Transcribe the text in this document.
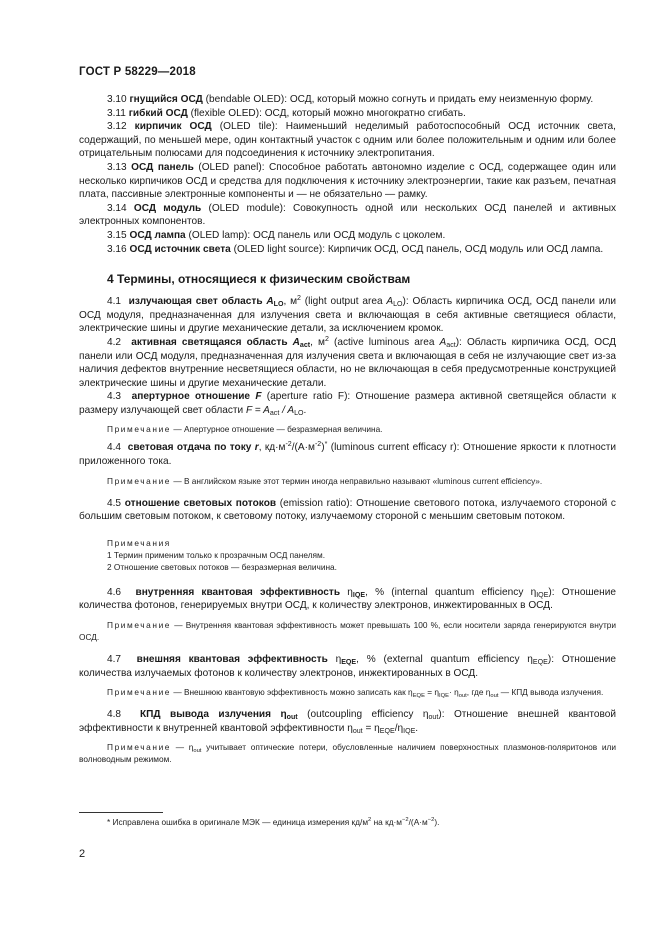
ГОСТ Р 58229—2018

3.10 гнущийся ОСД (bendable OLED): ОСД, который можно согнуть и придать ему неизменную форму.

3.11 гибкий ОСД (flexible OLED): ОСД, который можно многократно сгибать.

3.12 кирпичик ОСД (OLED tile): Наименьший неделимый работоспособный ОСД источник света, содержащий, по меньшей мере, один контактный участок с одним или более положительным и одним или более отрицательным полюсами для подсоединения к источнику электропитания.

3.13 ОСД панель (OLED panel): Способное работать автономно изделие с ОСД, содержащее один или несколько кирпичиков ОСД и средства для подключения к источнику электроэнергии, такие как разъем, печатная плата, пассивные электронные компоненты и — не обязательно — рамку.

3.14 ОСД модуль (OLED module): Совокупность одной или нескольких ОСД панелей и активных электронных компонентов.

3.15 ОСД лампа (OLED lamp): ОСД панель или ОСД модуль с цоколем.

3.16 ОСД источник света (OLED light source): Кирпичик ОСД, ОСД панель, ОСД модуль или ОСД лампа.

4 Термины, относящиеся к физическим свойствам

4.1 излучающая свет область $A_{LO}$, $м^2$ (light output area $A_{LO}$): Область кирпичика ОСД, ОСД панели или ОСД модуля, предназначенная для излучения света и включающая в себя активные светящиеся области, электрические шины и другие механические детали, за исключением кромок.

4.2 активная светящаяся область $A_{act}$, $м^2$ (active luminous area $A_{act}$): Область кирпичика ОСД, ОСД панели или ОСД модуля, предназначенная для излучения света и включающая в себя не излучающие свет из-за наличия дефектов внутренние несветящиеся области, но не включающая в себя предусмотренные конструкцией электрические шины и другие механические детали.

4.3 апертурное отношение F (aperture ratio F): Отношение размера активной светящейся области к размеру излучающей свет области $F = A_{act} / A_{LO}$.

Примечание — Апертурное отношение — безразмерная величина.

4.4 световая отдача по току r, $кд\cdot м^{-2}/(А\cdot м^{-2})^*$ (luminous current efficacy r): Отношение яркости к плотности приложенного тока.

Примечание — В английском языке этот термин иногда неправильно называют «luminous current efficiency».

4.5 отношение световых потоков (emission ratio): Отношение светового потока, излучаемого стороной с большим световым потоком, к световому потоку, излучаемому стороной с меньшим световым потоком.

Примечания
1 Термин применим только к прозрачным ОСД панелям.
2 Отношение световых потоков — безразмерная величина.

4.6 внутренняя квантовая эффективность $\eta_{IQE}$, % (internal quantum efficiency $\eta_{IQE}$): Отношение количества фотонов, генерируемых внутри ОСД, к количеству электронов, инжектированных в ОСД.

Примечание — Внутренняя квантовая эффективность может превышать 100 %, если носители заряда генерируются внутри ОСД.

4.7 внешняя квантовая эффективность $\eta_{EQE}$, % (external quantum efficiency $\eta_{EQE}$): Отношение количества излучаемых фотонов к количеству электронов, инжектированных в ОСД.

Примечание — Внешнюю квантовую эффективность можно записать как $\eta_{EQE} = \eta_{IQE}\cdot \eta_{out}$, где $\eta_{out}$ — КПД вывода излучения.

4.8 КПД вывода излучения $\eta_{out}$ (outcoupling efficiency $\eta_{out}$): Отношение внешней квантовой эффективности к внутренней квантовой эффективности $\eta_{out} = \eta_{EQE}/\eta_{IQE}$.

Примечание — $\eta_{out}$ учитывает оптические потери, обусловленные наличием поверхностных плазмонов-поляритонов или волноводным режимом.

* Исправлена ошибка в оригинале МЭК — единица измерения $кд/м^2$ на $кд\cdot м^{-2}/(А\cdot м^{-2})$.
2
